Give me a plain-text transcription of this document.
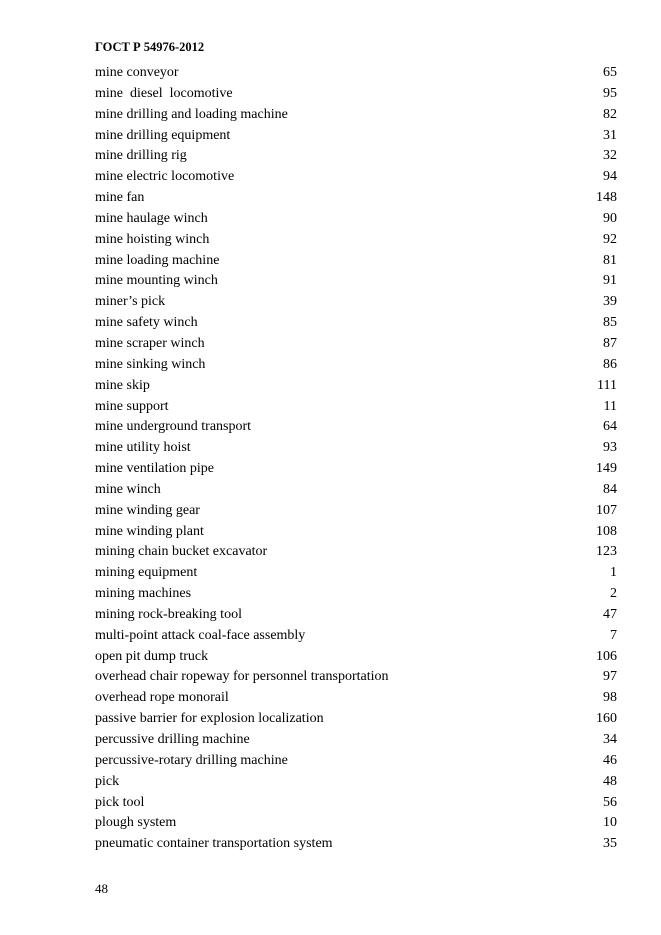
ГОСТ Р 54976-2012
mine conveyor	65
mine  diesel  locomotive	95
mine drilling and loading machine	82
mine drilling equipment	31
mine drilling rig	32
mine electric locomotive	94
mine fan	148
mine haulage winch	90
mine hoisting winch	92
mine loading machine	81
mine mounting winch	91
miner’s pick	39
mine safety winch	85
mine scraper winch	87
mine sinking winch	86
mine skip	111
mine support	11
mine underground transport	64
mine utility hoist	93
mine ventilation pipe	149
mine winch	84
mine winding gear	107
mine winding plant	108
mining chain bucket excavator	123
mining equipment	1
mining machines	2
mining rock-breaking tool	47
multi-point attack coal-face assembly	7
open pit dump truck	106
overhead chair ropeway for personnel transportation	97
overhead rope monorail	98
passive barrier for explosion localization	160
percussive drilling machine	34
percussive-rotary drilling machine	46
pick	48
pick tool	56
plough system	10
pneumatic container transportation system	35
48
